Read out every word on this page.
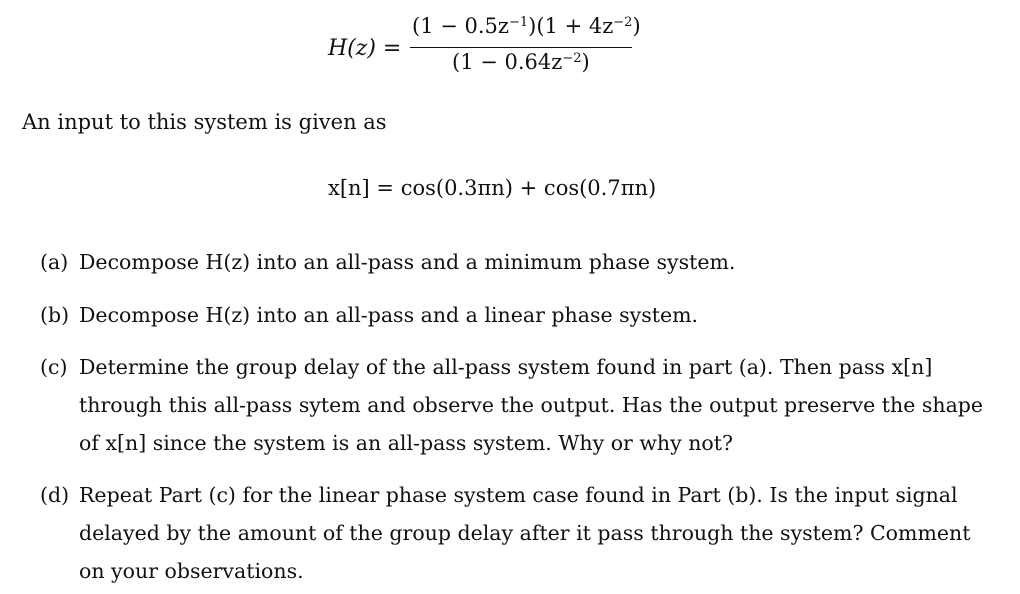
H(z) =
$(1 - 0.5z^{-1})(1 + 4z^{-2})$
$(1 - 0.64z^{-2})$
An input to this system is given as
x[n] = cos(0.3πn) + cos(0.7πn)
(a) Decompose H(z) into an all-pass and a minimum phase system.
(b) Decompose H(z) into an all-pass and a linear phase system.
(c) Determine the group delay of the all-pass system found in part (a). Then pass x[n]
through this all-pass sytem and observe the output. Has the output preserve the shape
of x[n] since the system is an all-pass system. Why or why not?
(d) Repeat Part (c) for the linear phase system case found in Part (b). Is the input signal
delayed by the amount of the group delay after it pass through the system? Comment
on your observations.
